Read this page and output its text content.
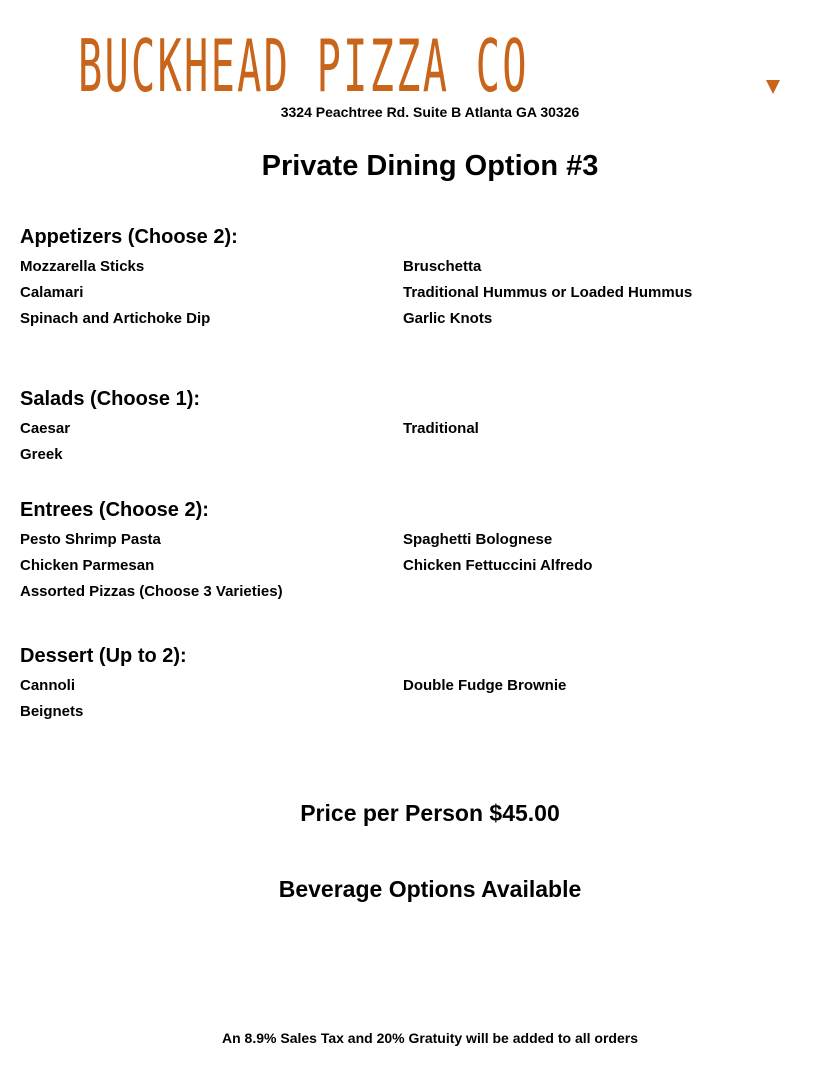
BUCKHEAD PIZZA CO
3324 Peachtree Rd. Suite B Atlanta GA 30326
Private Dining Option #3
Appetizers (Choose 2):
Mozzarella Sticks	Bruschetta
Calamari	Traditional Hummus or Loaded Hummus
Spinach and Artichoke Dip	Garlic Knots
Salads (Choose 1):
Caesar	Traditional
Greek
Entrees (Choose 2):
Pesto Shrimp Pasta	Spaghetti Bolognese
Chicken Parmesan	Chicken Fettuccini Alfredo
Assorted Pizzas (Choose 3 Varieties)
Dessert (Up to 2):
Cannoli	Double Fudge Brownie
Beignets
Price per Person $45.00
Beverage Options Available
An 8.9% Sales Tax and 20% Gratuity will be added to all orders
